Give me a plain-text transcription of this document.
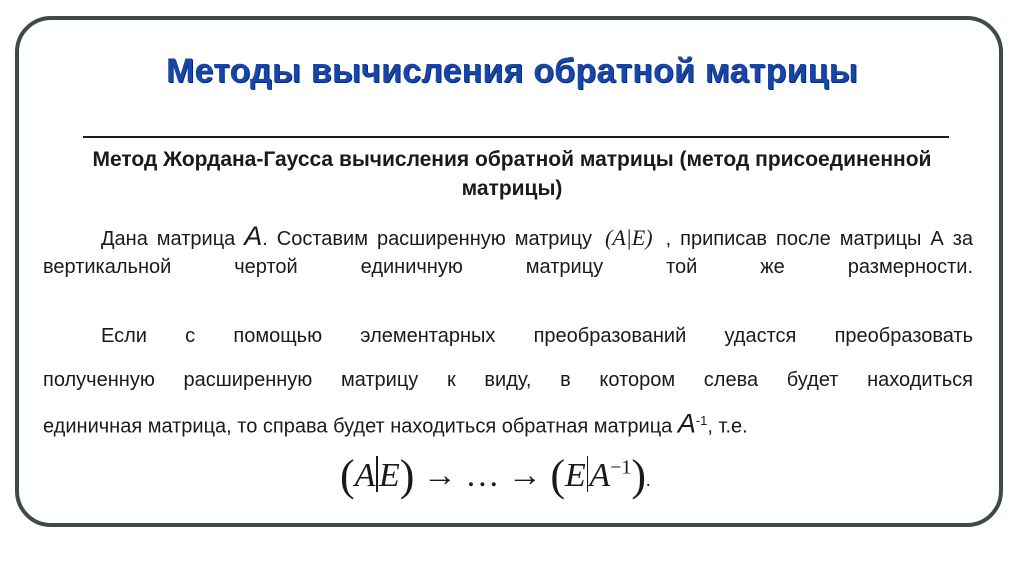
Методы вычисления обратной матрицы
Метод Жордана-Гаусса вычисления обратной матрицы (метод присоединенной матрицы)
Дана матрица A. Составим расширенную матрицу (A|E) , приписав после матрицы А за вертикальной чертой единичную матрицу той же размерности.
Если с помощью элементарных преобразований удастся преобразовать
полученную расширенную матрицу к виду, в котором слева будет находиться
единичная матрица, то справа будет находиться обратная матрица $A^{-1}$, т.е.
(A E) → … → (E $A^{-1}$).
